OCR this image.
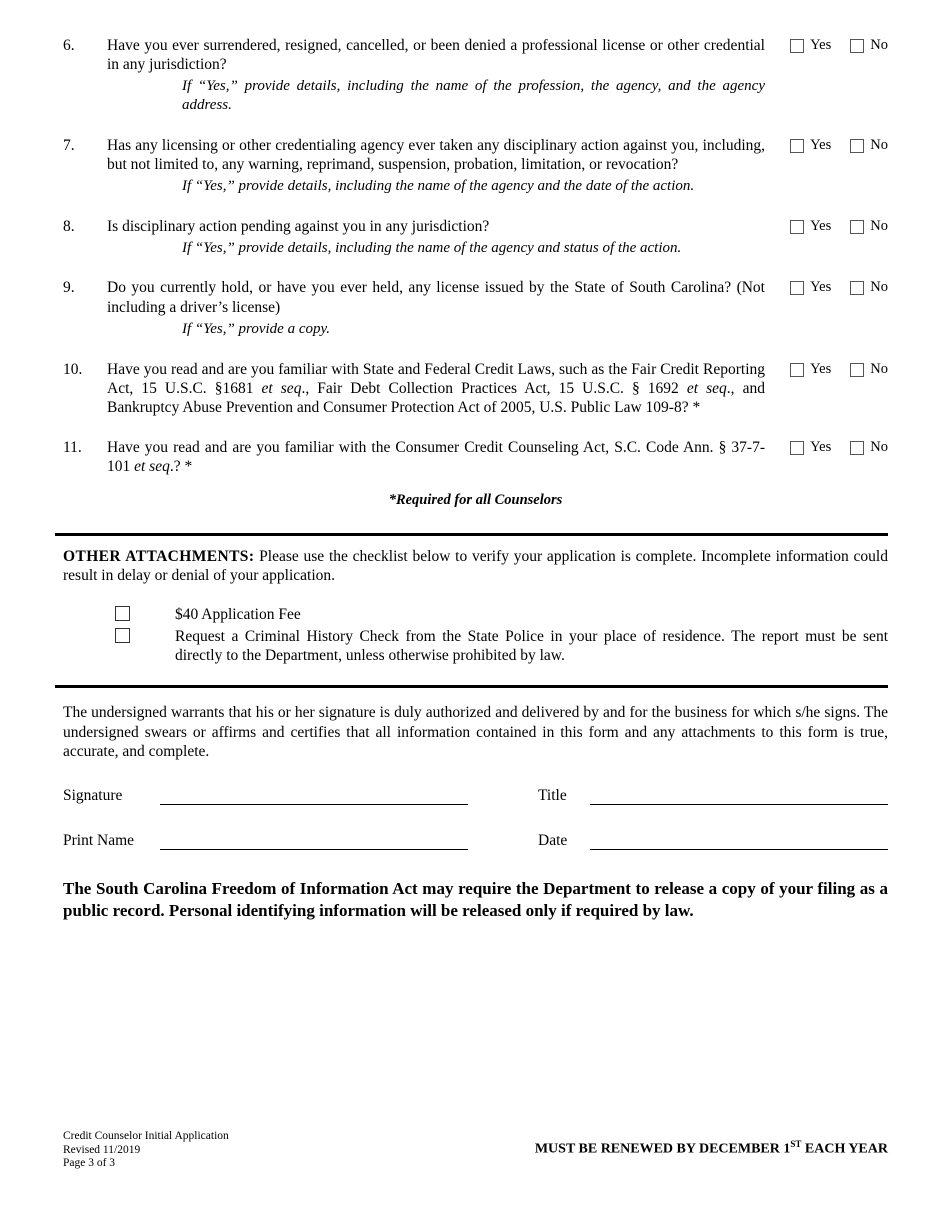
6.	Have you ever surrendered, resigned, cancelled, or been denied a professional license or other credential in any jurisdiction?
If “Yes,” provide details, including the name of the profession, the agency, and the agency address.
Yes	No
7.	Has any licensing or other credentialing agency ever taken any disciplinary action against you, including, but not limited to, any warning, reprimand, suspension, probation, limitation, or revocation?
If “Yes,” provide details, including the name of the agency and the date of the action.
Yes	No
8.	Is disciplinary action pending against you in any jurisdiction?
If “Yes,” provide details, including the name of the agency and status of the action.
Yes	No
9.	Do you currently hold, or have you ever held, any license issued by the State of South Carolina? (Not including a driver’s license)
If “Yes,” provide a copy.
Yes	No
10.	Have you read and are you familiar with State and Federal Credit Laws, such as the Fair Credit Reporting Act, 15 U.S.C. §1681 et seq., Fair Debt Collection Practices Act, 15 U.S.C. § 1692 et seq., and Bankruptcy Abuse Prevention and Consumer Protection Act of 2005, U.S. Public Law 109-8? *
Yes	No
11.	Have you read and are you familiar with the Consumer Credit Counseling Act, S.C. Code Ann. § 37-7-101 et seq.? *
Yes	No
*Required for all Counselors

OTHER ATTACHMENTS: Please use the checklist below to verify your application is complete. Incomplete information could result in delay or denial of your application.

$40 Application Fee
Request a Criminal History Check from the State Police in your place of residence. The report must be sent directly to the Department, unless otherwise prohibited by law.

The undersigned warrants that his or her signature is duly authorized and delivered by and for the business for which s/he signs. The undersigned swears or affirms and certifies that all information contained in this form and any attachments to this form is true, accurate, and complete.

Signature	Title
Print Name	Date

The South Carolina Freedom of Information Act may require the Department to release a copy of your filing as a public record. Personal identifying information will be released only if required by law.

Credit Counselor Initial Application
Revised 11/2019
Page 3 of 3
MUST BE RENEWED BY DECEMBER 1ST EACH YEAR
